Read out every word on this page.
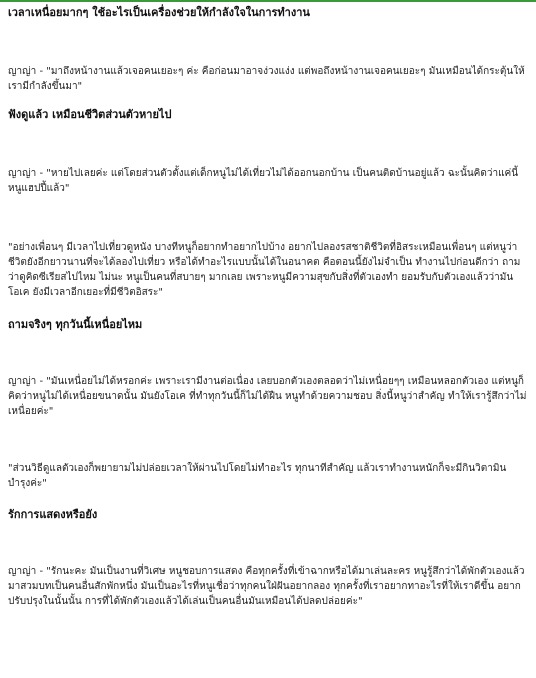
เวลาเหนื่อยมากๆ ใช้อะไรเป็นเครื่องช่วยให้กำลังใจในการทำงาน

ญาญ่า - "มาถึงหน้างานแล้วเจอคนเยอะๆ ค่ะ คือก่อนมาอาจง่วงแง่ง แต่พอถึงหน้างานเจอคนเยอะๆ มันเหมือนได้กระตุ้นให้เรามีกำลังขึ้นมา"

ฟังดูแล้ว เหมือนชีวิตส่วนตัวหายไป

ญาญ่า - "หายไปเลยค่ะ แต่โดยส่วนตัวตั้งแต่เด็กหนูไม่ได้เที่ยวไม่ได้ออกนอกบ้าน เป็นคนติดบ้านอยู่แล้ว ฉะนั้นคิดว่าแค่นี้หนูแฮปปี้แล้ว"

"อย่างเพื่อนๆ มีเวลาไปเที่ยวดูหนัง บางทีหนูก็อยากทำอยากไปบ้าง อยากไปลองรสชาติชีวิตที่อิสระเหมือนเพื่อนๆ แต่หนูว่าชีวิตยังอีกยาวนานที่จะได้ลองไปเที่ยว หรือได้ทำอะไรแบบนั้นได้ในอนาคต คือตอนนี้ยังไม่จำเป็น ทำงานไปก่อนดีกว่า ถามว่าดูคิดซีเรียสไปไหม ไม่นะ หนูเป็นคนที่สบายๆ มากเลย เพราะหนูมีความสุขกับสิ่งที่ตัวเองทำ ยอมรับกับตัวเองแล้วว่ามันโอเค ยังมีเวลาอีกเยอะที่มีชีวิตอิสระ"

ถามจริงๆ ทุกวันนี้เหนื่อยไหม

ญาญ่า - "มันเหนื่อยไม่ได้หรอกค่ะ เพราะเรามีงานต่อเนื่อง เลยบอกตัวเองตลอดว่าไม่เหนื่อยๆๆ เหมือนหลอกตัวเอง แต่หนูก็คิดว่าหนูไม่ได้เหนื่อยขนาดนั้น มันยังโอเค ที่ทำทุกวันนี้ก็ไม่ได้ฝืน หนูทำด้วยความชอบ สิ่งนี้หนูว่าสำคัญ ทำให้เรารู้สึกว่าไม่เหนื่อยค่ะ"

"ส่วนวิธีดูแลตัวเองก็พยายามไม่ปล่อยเวลาให้ผ่านไปโดยไม่ทำอะไร ทุกนาทีสำคัญ แล้วเราทำงานหนักก็จะมีกินวิตามินบำรุงค่ะ"

รักการแสดงหรือยัง

ญาญ่า - "รักนะคะ มันเป็นงานที่วิเศษ หนูชอบการแสดง คือทุกครั้งที่เข้าฉากหรือได้มาเล่นละคร หนูรู้สึกว่าได้พักตัวเองแล้วมาสวมบทเป็นคนอื่นสักพักหนึ่ง มันเป็นอะไรที่หนูเชื่อว่าทุกคนใฝ่ฝันอยากลอง ทุกครั้งที่เราอยากทาอะไรที่ให้เราดีขึ้น อยากปรับปรุงในนั้นนั้น การที่ได้พักตัวเองแล้วได้เล่นเป็นคนอื่นมันเหมือนได้ปลดปล่อยค่ะ"
